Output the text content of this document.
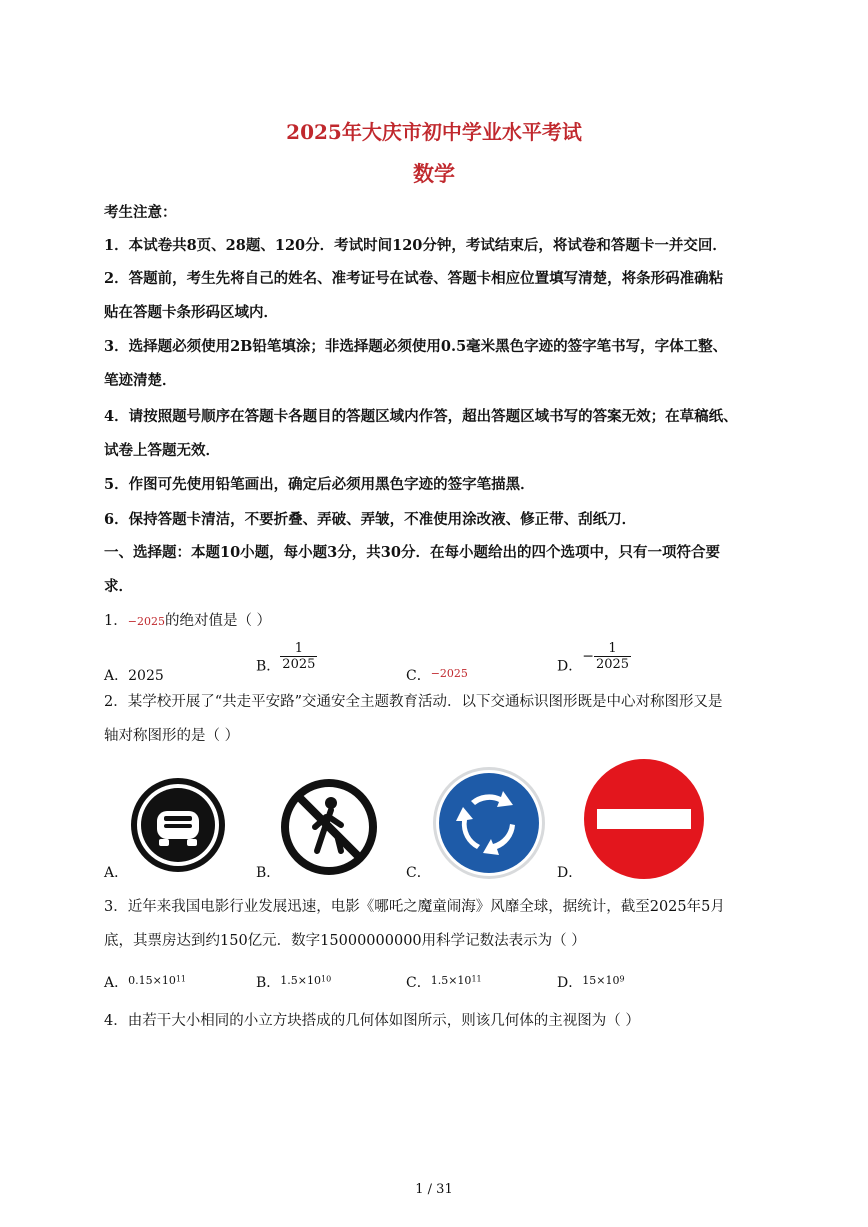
2025年大庆市初中学业水平考试
数学
考生注意：
1．本试卷共8页、28题、120分．考试时间120分钟，考试结束后，将试卷和答题卡一并交回．
2．答题前，考生先将自己的姓名、准考证号在试卷、答题卡相应位置填写清楚，将条形码准确粘
贴在答题卡条形码区域内．
3．选择题必须使用2B铅笔填涂；非选择题必须使用0.5毫米黑色字迹的签字笔书写，字体工整、
笔迹清楚．
4．请按照题号顺序在答题卡各题目的答题区域内作答，超出答题区域书写的答案无效；在草稿纸、
试卷上答题无效．
5．作图可先使用铅笔画出，确定后必须用黑色字迹的签字笔描黑．
6．保持答题卡清洁，不要折叠、弄破、弄皱，不准使用涂改液、修正带、刮纸刀．
一、选择题：本题10小题，每小题3分，共30分．在每小题给出的四个选项中，只有一项符合要
求．
1．−2025的绝对值是（ ）
A．2025
B． $\frac{1}{2025}$
C．$^{-2025}$	D．− $\frac{1}{2025}$
2．某学校开展了“共走平安路”交通安全主题教育活动．以下交通标识图形既是中心对称图形又是
轴对称图形的是（ ）
A．	B．	C．	D．
3．近年来我国电影行业发展迅速，电影《哪吒之魔童闹海》风靡全球，据统计，截至2025年5月
底，其票房达到约150亿元．数字15000000000用科学记数法表示为（ ）
A．$^{0.15\times 1011}$	B．$^{1.5\times 1010}$	C．$^{1.5\times 1011}$	D．$^{15\times 109}$
4．由若干大小相同的小立方块搭成的几何体如图所示，则该几何体的主视图为（ ）
1 / 31
